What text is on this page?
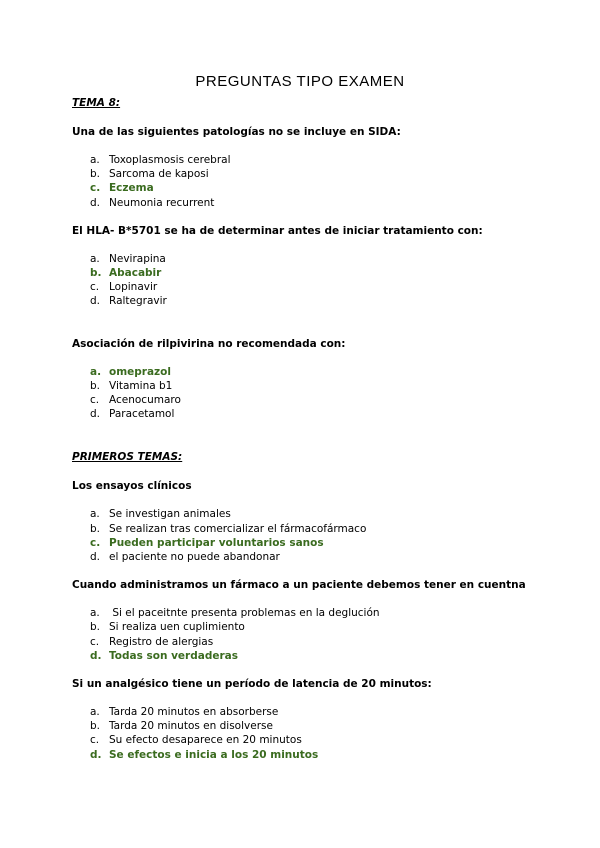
PREGUNTAS TIPO EXAMEN

TEMA 8:

Una de las siguientes patologías no se incluye en SIDA:

a. Toxoplasmosis cerebral
b. Sarcoma de kaposi
c. Eczema
d. Neumonia recurrent

El HLA- B*5701 se ha de determinar antes de iniciar tratamiento con:

a. Nevirapina
b. Abacabir
c. Lopinavir
d. Raltegravir

Asociación de rilpivirina no recomendada con:

a. omeprazol
b. Vitamina b1
c. Acenocumaro
d. Paracetamol

PRIMEROS TEMAS:

Los ensayos clínicos

a. Se investigan animales
b. Se realizan tras comercializar el fármacofármaco
c. Pueden participar voluntarios sanos
d. el paciente no puede abandonar

Cuando administramos un fármaco a un paciente debemos tener en cuentna

a. Si el paceitnte presenta problemas en la deglución
b. Si realiza uen cuplimiento
c. Registro de alergias
d. Todas son verdaderas

Si un analgésico tiene un período de latencia de 20 minutos:

a. Tarda 20 minutos en absorberse
b. Tarda 20 minutos en disolverse
c. Su efecto desaparece en 20 minutos
d. Se efectos e inicia a los 20 minutos
